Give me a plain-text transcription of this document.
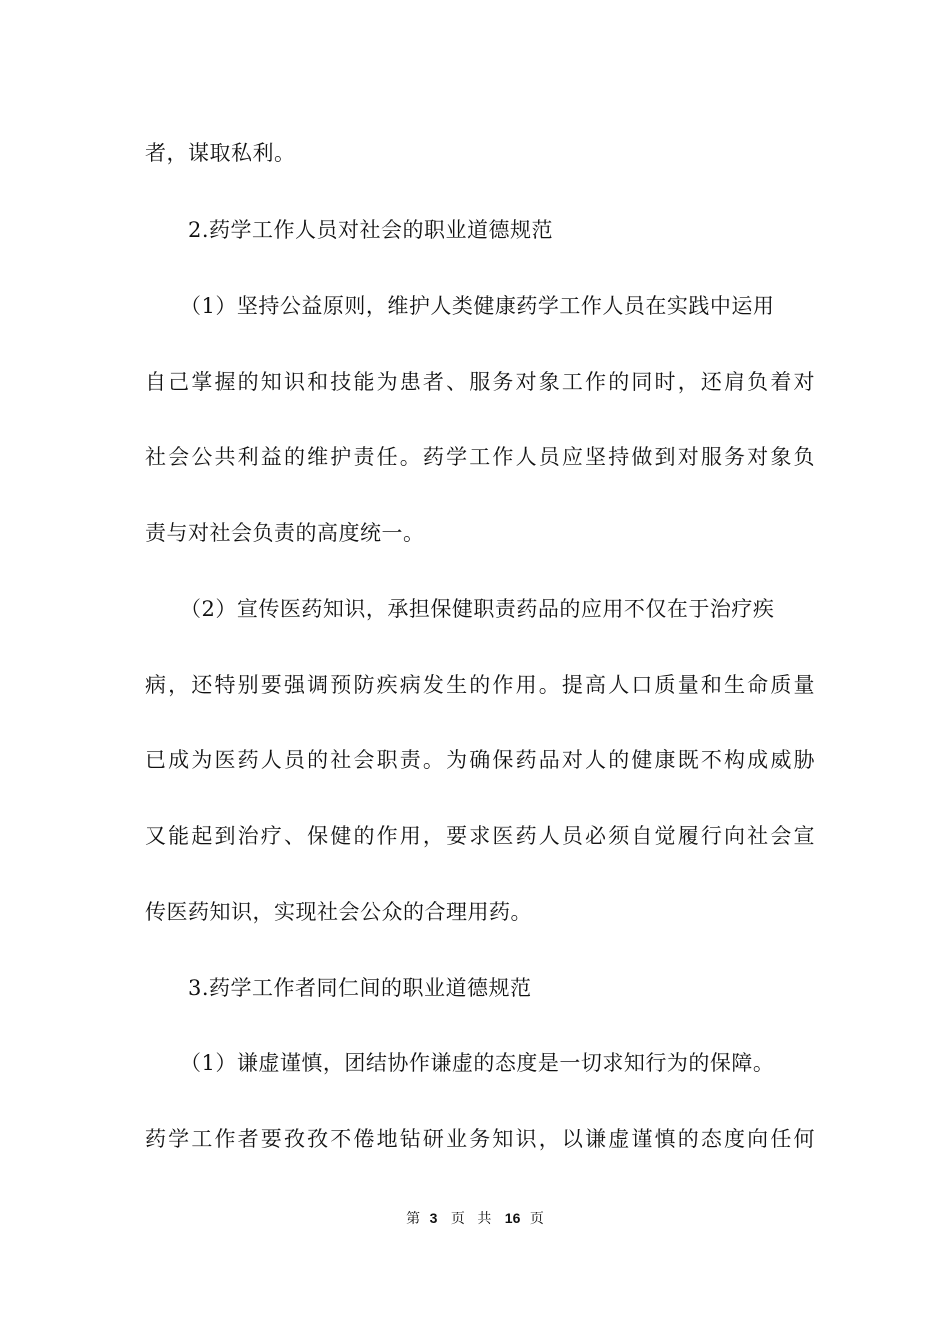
者，谋取私利。
2.药学工作人员对社会的职业道德规范
（1）坚持公益原则，维护人类健康药学工作人员在实践中运用
自己掌握的知识和技能为患者、服务对象工作的同时，还肩负着对
社会公共利益的维护责任。药学工作人员应坚持做到对服务对象负
责与对社会负责的高度统一。
（2）宣传医药知识，承担保健职责药品的应用不仅在于治疗疾
病，还特别要强调预防疾病发生的作用。提高人口质量和生命质量
已成为医药人员的社会职责。为确保药品对人的健康既不构成威胁
又能起到治疗、保健的作用，要求医药人员必须自觉履行向社会宣
传医药知识，实现社会公众的合理用药。
3.药学工作者同仁间的职业道德规范
（1）谦虚谨慎，团结协作谦虚的态度是一切求知行为的保障。
药学工作者要孜孜不倦地钻研业务知识，以谦虚谨慎的态度向任何
第 3 页 共 16 页
